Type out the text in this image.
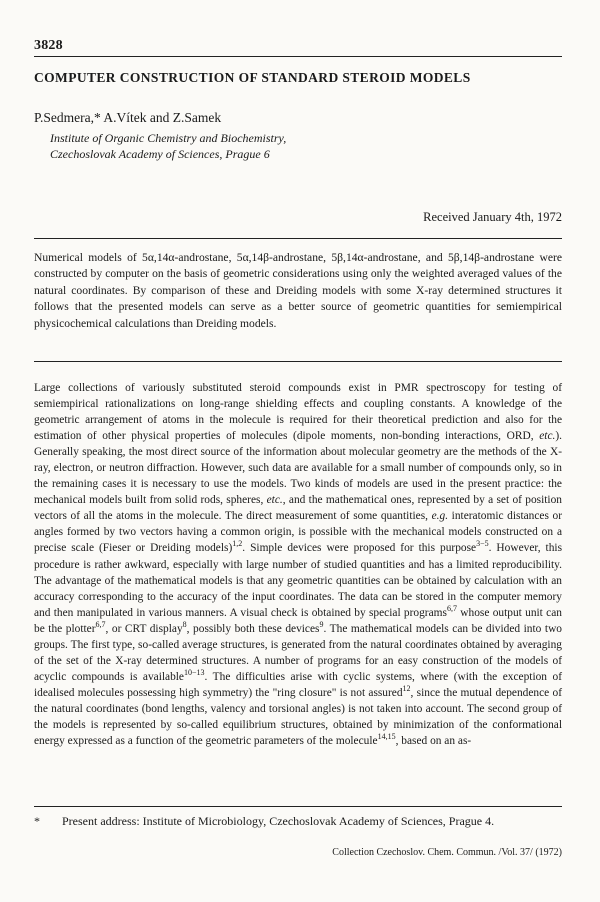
3828
COMPUTER CONSTRUCTION OF STANDARD STEROID MODELS
P.Sedmera,* A.Vítek and Z.Samek
Institute of Organic Chemistry and Biochemistry,
Czechoslovak Academy of Sciences, Prague 6
Received January 4th, 1972
Numerical models of 5α,14α-androstane, 5α,14β-androstane, 5β,14α-androstane, and 5β,14β-androstane were constructed by computer on the basis of geometric considerations using only the weighted averaged values of the natural coordinates. By comparison of these and Dreiding models with some X-ray determined structures it follows that the presented models can serve as a better source of geometric quantities for semiempirical physicochemical calculations than Dreiding models.
Large collections of variously substituted steroid compounds exist in PMR spectroscopy for testing of semiempirical rationalizations on long-range shielding effects and coupling constants. A knowledge of the geometric arrangement of atoms in the molecule is required for their theoretical prediction and also for the estimation of other physical properties of molecules (dipole moments, non-bonding interactions, ORD, etc.). Generally speaking, the most direct source of the information about molecular geometry are the methods of the X-ray, electron, or neutron diffraction. However, such data are available for a small number of compounds only, so in the remaining cases it is necessary to use the models. Two kinds of models are used in the present practice: the mechanical models built from solid rods, spheres, etc., and the mathematical ones, represented by a set of position vectors of all the atoms in the molecule. The direct measurement of some quantities, e.g. interatomic distances or angles formed by two vectors having a common origin, is possible with the mechanical models constructed on a precise scale (Fieser or Dreiding models)$^{1,2}$. Simple devices were proposed for this purpose$^{3-5}$. However, this procedure is rather awkward, especially with large number of studied quantities and has a limited reproducibility. The advantage of the mathematical models is that any geometric quantities can be obtained by calculation with an accuracy corresponding to the accuracy of the input coordinates. The data can be stored in the computer memory and then manipulated in various manners. A visual check is obtained by special programs$^{6,7}$ whose output unit can be the plotter$^{6,7}$, or CRT display$^8$, possibly both these devices$^9$. The mathematical models can be divided into two groups. The first type, so-called average structures, is generated from the natural coordinates obtained by averaging of the set of the X-ray determined structures. A number of programs for an easy construction of the models of acyclic compounds is available$^{10-13}$. The difficulties arise with cyclic systems, where (with the exception of idealised molecules possessing high symmetry) the "ring closure" is not assured$^{12}$, since the mutual dependence of the natural coordinates (bond lengths, valency and torsional angles) is not taken into account. The second group of the models is represented by so-called equilibrium structures, obtained by minimization of the conformational energy expressed as a function of the geometric parameters of the molecule$^{14,15}$, based on an as-
* Present address: Institute of Microbiology, Czechoslovak Academy of Sciences, Prague 4.
Collection Czechoslov. Chem. Commun. /Vol. 37/ (1972)
